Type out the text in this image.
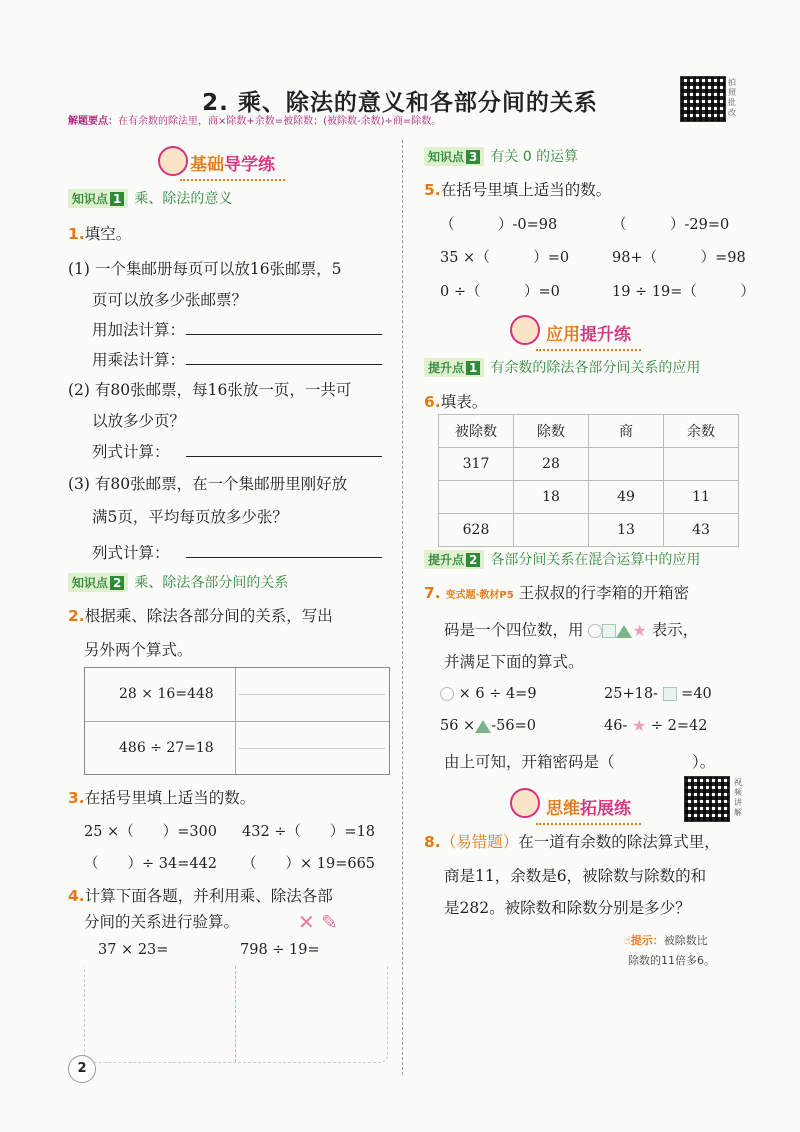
2. 乘、除法的意义和各部分间的关系
解题要点：在有余数的除法里，商×除数+余数=被除数；(被除数-余数)÷商=除数。
拍照批改
基础导学练
知识点 1 乘、除法的意义
1.填空。
(1) 一个集邮册每页可以放16张邮票，5
页可以放多少张邮票？
用加法计算：
用乘法计算：
(2) 有80张邮票，每16张放一页，一共可
以放多少页？
列式计算：
(3) 有80张邮票，在一个集邮册里刚好放
满5页，平均每页放多少张？
列式计算：
知识点 2 乘、除法各部分间的关系
2.根据乘、除法各部分间的关系，写出
另外两个算式。
28 × 16=448
486 ÷ 27=18
3.在括号里填上适当的数。
25 ×（　　）=300 432 ÷（　　）=18
（　　）÷ 34=442 （　　）× 19=665
4.计算下面各题，并利用乘、除法各部
分间的关系进行验算。	✕ ✎
37 × 23=	798 ÷ 19=
2
知识点 3 有关 0 的运算
5.在括号里填上适当的数。
（　　　）-0=98	（　　　）-29=0
35 ×（　　　）=0	98+（　　　）=98
0 ÷（　　　）=0	19 ÷ 19=（　　　）
应用提升练
提升点 1 有余数的除法各部分间关系的应用
6.填表。
被除数	除数	商	余数
317	28		
	18	49	11
628		13	43
提升点 2 各部分间关系在混合运算中的应用
7. 变式题·教材P5 王叔叔的行李箱的开箱密
码是一个四位数，用	★ 表示，
并满足下面的算式。
× 6 ÷ 4=9	25+18- =40
56 × -56=0	46- ★ ÷ 2=42
由上可知，开箱密码是（　　　　　）。
视频讲解
思维拓展练
8.（易错题）在一道有余数的除法算式里，
商是11，余数是6，被除数与除数的和
是282。被除数和除数分别是多少？
☝提示：被除数比
除数的11倍多6。
